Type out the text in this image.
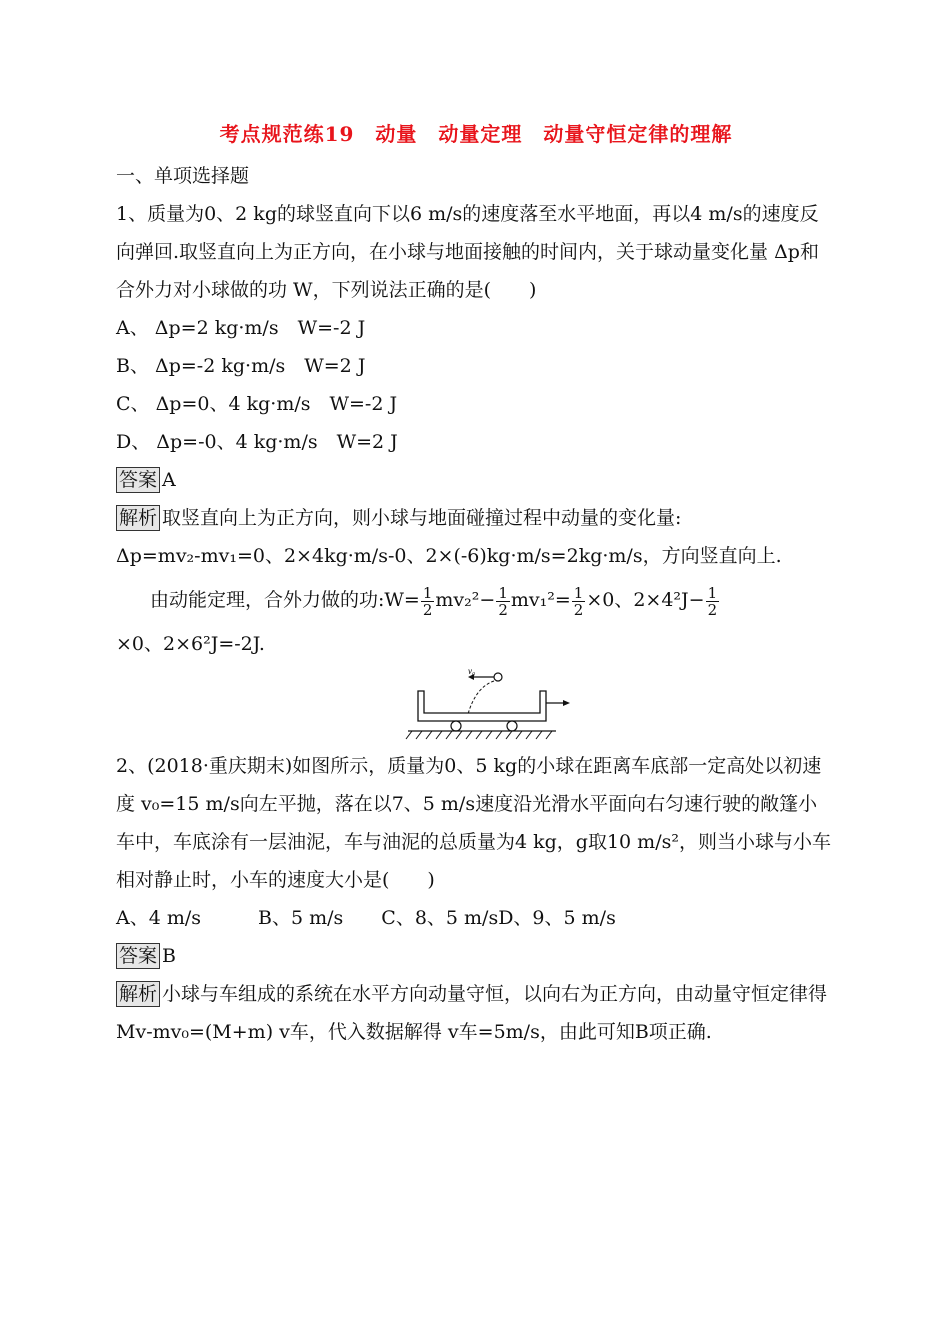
考点规范练19　动量　动量定理　动量守恒定律的理解
一、单项选择题
1、质量为0、2 kg的球竖直向下以6 m/s的速度落至水平地面，再以4 m/s的速度反向弹回.取竖直向上为正方向，在小球与地面接触的时间内，关于球动量变化量 Δp和合外力对小球做的功 W，下列说法正确的是(　　)
A、 Δp=2 kg·m/s　W=-2 J
B、 Δp=-2 kg·m/s　W=2 J
C、 Δp=0、4 kg·m/s　W=-2 J
D、 Δp=-0、4 kg·m/s　W=2 J
答案 A
解析 取竖直向上为正方向，则小球与地面碰撞过程中动量的变化量:
Δp=mv₂-mv₁=0、2×4kg·m/s-0、2×(-6)kg·m/s=2kg·m/s，方向竖直向上.
由动能定理，合外力做的功:W= $\frac{1}{2} mv_2^2- \frac{1}{2} mv_1^2= \frac{1}{2} \times 0$、$2\times 4^2J- \frac{1}{2}$
×0、2×6²J=-2J.
v₀
2、(2018·重庆期末)如图所示，质量为0、5 kg的小球在距离车底部一定高处以初速度 v₀=15 m/s向左平抛，落在以7、5 m/s速度沿光滑水平面向右匀速行驶的敞篷小车中，车底涂有一层油泥，车与油泥的总质量为4 kg，g取10 m/s²，则当小球与小车相对静止时，小车的速度大小是(　　)
A、4 m/s　　　B、5 m/s　　C、8、5 m/sD、9、5 m/s
答案 B
解析 小球与车组成的系统在水平方向动量守恒，以向右为正方向，由动量守恒定律得 Mv-mv₀=(M+m) v车，代入数据解得 v车=5m/s，由此可知B项正确.
